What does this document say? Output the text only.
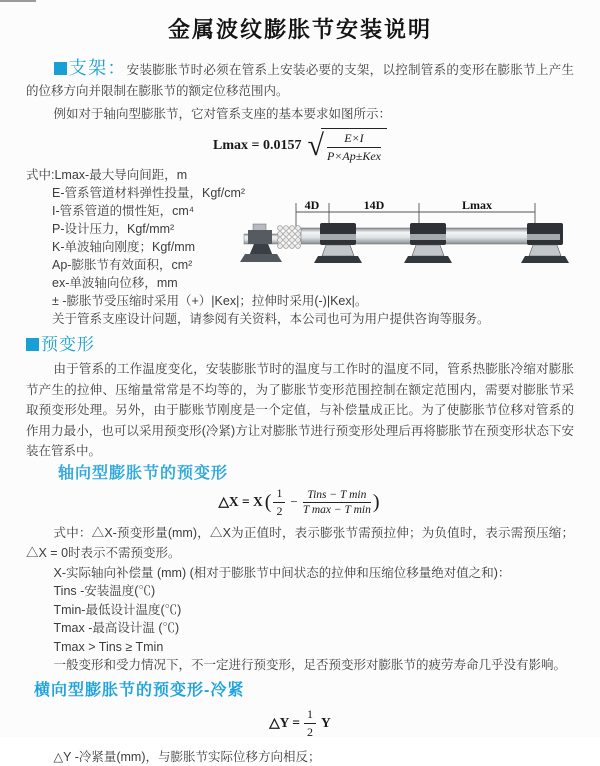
金属波纹膨胀节安装说明

支架：安装膨胀节时必须在管系上安装必要的支架，以控制管系的变形在膨胀节上产生的位移方向并限制在膨胀节的额定位移范围内。

例如对于轴向型膨胀节，它对管系支座的基本要求如图所示：

Lmax = 0.0157 √ $\frac{E\times I}{\text{P×Ap±Kex}}$
式中:Lmax-最大导向间距，m
E-管系管道材料弹性投量，Kgf/cm²
I-管系管道的惯性矩，cm⁴
P-设计压力，Kgf/mm²
K-单波轴向刚度；Kgf/mm
Ap-膨胀节有效面积，cm²
ex-单波轴向位移，mm
± -膨胀节受压缩时采用（+）|Kex|；拉伸时采用(-)|Kex|。
关于管系支座设计问题，请参阅有关资料，本公司也可为用户提供咨询等服务。
4D	14D	Lmax
预变形

由于管系的工作温度变化，安装膨胀节时的温度与工作时的温度不同，管系热膨胀冷缩对膨胀节产生的拉伸、压缩量常常是不均等的，为了膨胀节变形范围控制在额定范围内，需要对膨胀节采取预变形处理。另外，由于膨账节刚度是一个定值，与补偿量成正比。为了使膨胀节位移对管系的作用力最小，也可以采用预变形(冷紧)方让对膨胀节进行预变形处理后再将膨胀节在预变形状态下安装在管系中。

轴向型膨胀节的预变形
△X = X ( $\frac{1}{2} - \frac{\text{Tins − T min}}{\text{T max − T min}}$ )

式中：△X-预变形量(mm)，△X为正值时，表示膨张节需预拉伸；为负值时，表示需预压缩；△X = 0时表示不需预变形。

X-实际轴向补偿量 (mm) (相对于膨胀节中间状态的拉伸和压缩位移量绝对值之和)：

Tins -安装温度(℃)

Tmin-最低设计温度(℃)

Tmax -最高设计温 (℃)

Tmax > Tins ≥ Tmin

一般变形和受力情况下，不一定进行预变形，足否预变形对膨胀节的疲劳寿命几乎没有影响。

横向型膨胀节的预变形-冷紧
△Y =
$\frac{1}{2}$ Y

△Y -冷紧量(mm)，与膨胀节实际位移方向相反；
